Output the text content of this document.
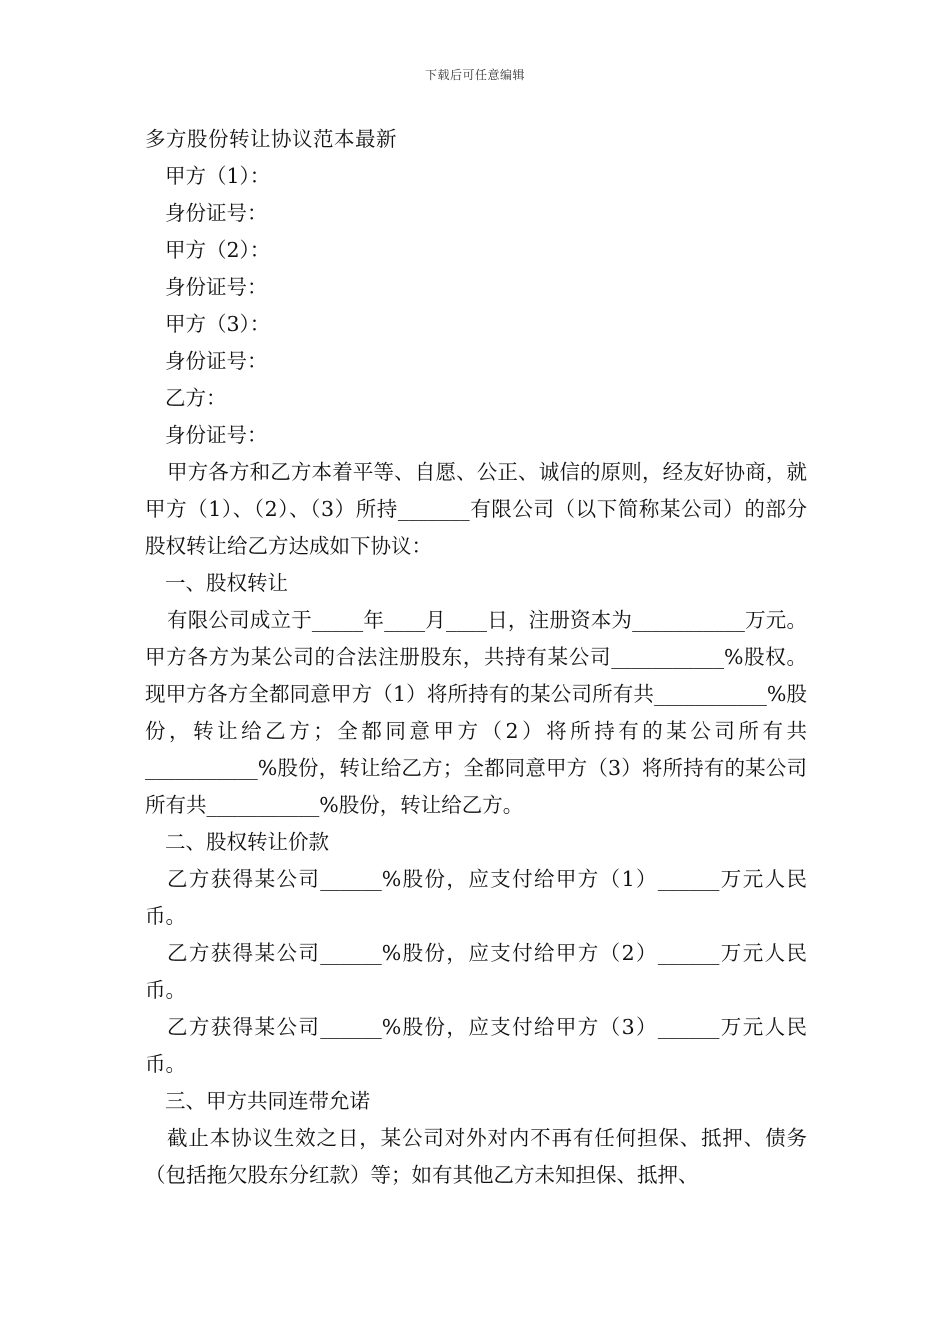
下载后可任意编辑

多方股份转让协议范本最新

甲方（1）：

身份证号：

甲方（2）：

身份证号：

甲方（3）：

身份证号：

乙方：

身份证号：

甲方各方和乙方本着平等、自愿、公正、诚信的原则，经友好协商，就甲方（1）、（2）、（3）所持_______有限公司（以下简称某公司）的部分股权转让给乙方达成如下协议：

一、股权转让

有限公司成立于_____年____月____日，注册资本为___________万元。甲方各方为某公司的合法注册股东，共持有某公司___________%股权。现甲方各方全都同意甲方（1）将所持有的某公司所有共___________%股份，转让给乙方；全都同意甲方（2）将所持有的某公司所有共___________%股份，转让给乙方；全都同意甲方（3）将所持有的某公司所有共___________%股份，转让给乙方。

二、股权转让价款

乙方获得某公司______%股份，应支付给甲方（1）______万元人民币。

乙方获得某公司______%股份，应支付给甲方（2）______万元人民币。

乙方获得某公司______%股份，应支付给甲方（3）______万元人民币。

三、甲方共同连带允诺

截止本协议生效之日，某公司对外对内不再有任何担保、抵押、债务（包括拖欠股东分红款）等；如有其他乙方未知担保、抵押、
